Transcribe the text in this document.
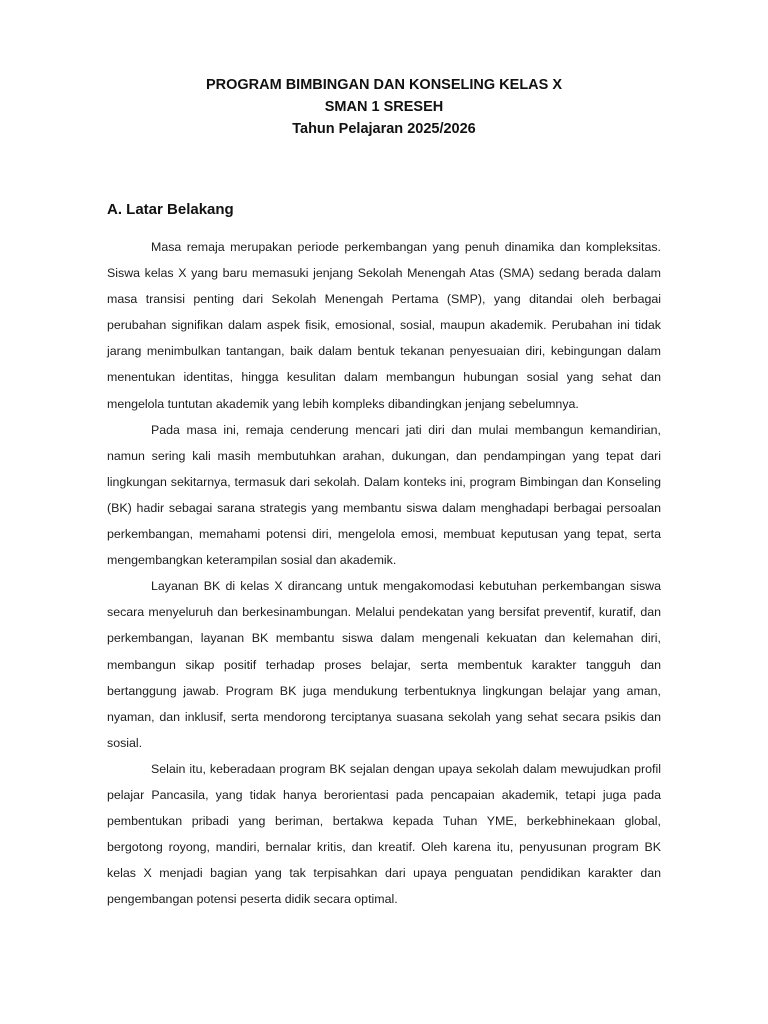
PROGRAM BIMBINGAN DAN KONSELING KELAS X
SMAN 1 SRESEH
Tahun Pelajaran 2025/2026
A. Latar Belakang

Masa remaja merupakan periode perkembangan yang penuh dinamika dan kompleksitas. Siswa kelas X yang baru memasuki jenjang Sekolah Menengah Atas (SMA) sedang berada dalam masa transisi penting dari Sekolah Menengah Pertama (SMP), yang ditandai oleh berbagai perubahan signifikan dalam aspek fisik, emosional, sosial, maupun akademik. Perubahan ini tidak jarang menimbulkan tantangan, baik dalam bentuk tekanan penyesuaian diri, kebingungan dalam menentukan identitas, hingga kesulitan dalam membangun hubungan sosial yang sehat dan mengelola tuntutan akademik yang lebih kompleks dibandingkan jenjang sebelumnya.

Pada masa ini, remaja cenderung mencari jati diri dan mulai membangun kemandirian, namun sering kali masih membutuhkan arahan, dukungan, dan pendampingan yang tepat dari lingkungan sekitarnya, termasuk dari sekolah. Dalam konteks ini, program Bimbingan dan Konseling (BK) hadir sebagai sarana strategis yang membantu siswa dalam menghadapi berbagai persoalan perkembangan, memahami potensi diri, mengelola emosi, membuat keputusan yang tepat, serta mengembangkan keterampilan sosial dan akademik.

Layanan BK di kelas X dirancang untuk mengakomodasi kebutuhan perkembangan siswa secara menyeluruh dan berkesinambungan. Melalui pendekatan yang bersifat preventif, kuratif, dan perkembangan, layanan BK membantu siswa dalam mengenali kekuatan dan kelemahan diri, membangun sikap positif terhadap proses belajar, serta membentuk karakter tangguh dan bertanggung jawab. Program BK juga mendukung terbentuknya lingkungan belajar yang aman, nyaman, dan inklusif, serta mendorong terciptanya suasana sekolah yang sehat secara psikis dan sosial.

Selain itu, keberadaan program BK sejalan dengan upaya sekolah dalam mewujudkan profil pelajar Pancasila, yang tidak hanya berorientasi pada pencapaian akademik, tetapi juga pada pembentukan pribadi yang beriman, bertakwa kepada Tuhan YME, berkebhinekaan global, bergotong royong, mandiri, bernalar kritis, dan kreatif. Oleh karena itu, penyusunan program BK kelas X menjadi bagian yang tak terpisahkan dari upaya penguatan pendidikan karakter dan pengembangan potensi peserta didik secara optimal.
